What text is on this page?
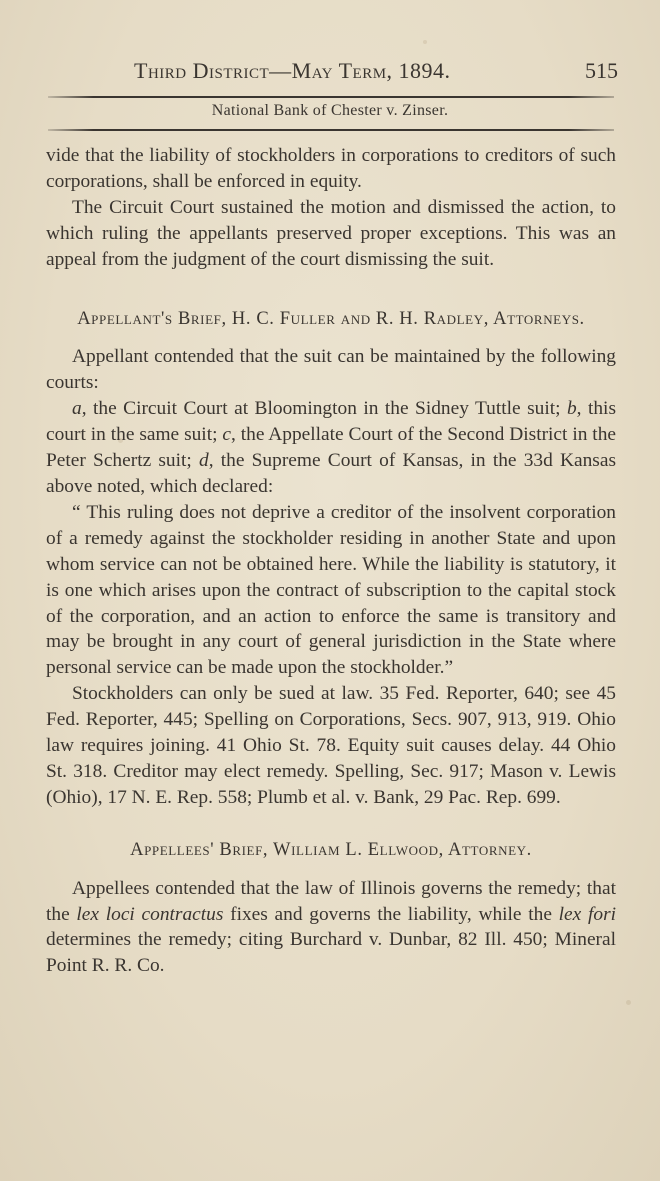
Third District—May Term, 1894.	515
National Bank of Chester v. Zinser.

vide that the liability of stockholders in corporations to creditors of such corporations, shall be enforced in equity.

The Circuit Court sustained the motion and dismissed the action, to which ruling the appellants preserved proper exceptions. This was an appeal from the judgment of the court dismissing the suit.

Appellant's Brief, H. C. Fuller and R. H. Radley, Attorneys.

Appellant contended that the suit can be maintained by the following courts:

a, the Circuit Court at Bloomington in the Sidney Tuttle suit; b, this court in the same suit; c, the Appellate Court of the Second District in the Peter Schertz suit; d, the Supreme Court of Kansas, in the 33d Kansas above noted, which declared:

“ This ruling does not deprive a creditor of the insolvent corporation of a remedy against the stockholder residing in another State and upon whom service can not be obtained here. While the liability is statutory, it is one which arises upon the contract of subscription to the capital stock of the corporation, and an action to enforce the same is transitory and may be brought in any court of general jurisdiction in the State where personal service can be made upon the stockholder.”

Stockholders can only be sued at law. 35 Fed. Reporter, 640; see 45 Fed. Reporter, 445; Spelling on Corporations, Secs. 907, 913, 919. Ohio law requires joining. 41 Ohio St. 78. Equity suit causes delay. 44 Ohio St. 318. Creditor may elect remedy. Spelling, Sec. 917; Mason v. Lewis (Ohio), 17 N. E. Rep. 558; Plumb et al. v. Bank, 29 Pac. Rep. 699.

Appellees' Brief, William L. Ellwood, Attorney.

Appellees contended that the law of Illinois governs the remedy; that the lex loci contractus fixes and governs the liability, while the lex fori determines the remedy; citing Burchard v. Dunbar, 82 Ill. 450; Mineral Point R. R. Co.
